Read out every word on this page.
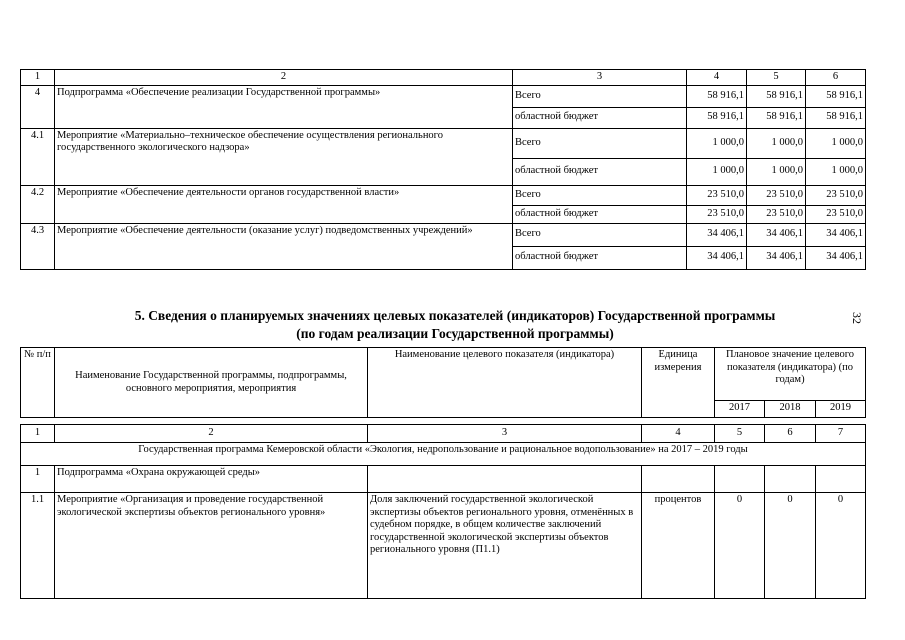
1	2	3	4	5	6
4	Подпрограмма «Обеспечение реализации Государственной программы»	Всего	58 916,1	58 916,1	58 916,1
		областной бюджет	58 916,1	58 916,1	58 916,1
4.1	Мероприятие «Материально–техническое обеспечение осуществления регионального государственного экологического надзора»	Всего	1 000,0	1 000,0	1 000,0
		областной бюджет	1 000,0	1 000,0	1 000,0
4.2	Мероприятие «Обеспечение деятельности органов государственной власти»	Всего	23 510,0	23 510,0	23 510,0
		областной бюджет	23 510,0	23 510,0	23 510,0
4.3	Мероприятие «Обеспечение деятельности (оказание услуг) подведомственных учреждений»	Всего	34 406,1	34 406,1	34 406,1
		областной бюджет	34 406,1	34 406,1	34 406,1
5. Сведения о планируемых значениях целевых показателей (индикаторов) Государственной программы
(по годам реализации Государственной программы)
32
№ п/п	Наименование Государственной программы, подпрограммы, основного мероприятия, мероприятия	Наименование целевого показателя (индикатора)	Единица измерения	Плановое значение целевого показателя (индикатора) (по годам)		
				2017	2018	2019
1	2	3	4	5	6	7
Государственная программа Кемеровской области «Экология, недропользование и рациональное водопользование» на 2017 – 2019 годы						
1	Подпрограмма «Охрана окружающей среды»					
1.1	Мероприятие «Организация и проведение государственной экологической экспертизы объектов регионального уровня»	Доля заключений государственной экологической экспертизы объектов регионального уровня, отменённых в судебном порядке, в общем количестве заключений государственной экологической экспертизы объектов регионального уровня (П1.1)	процентов	0	0	0
